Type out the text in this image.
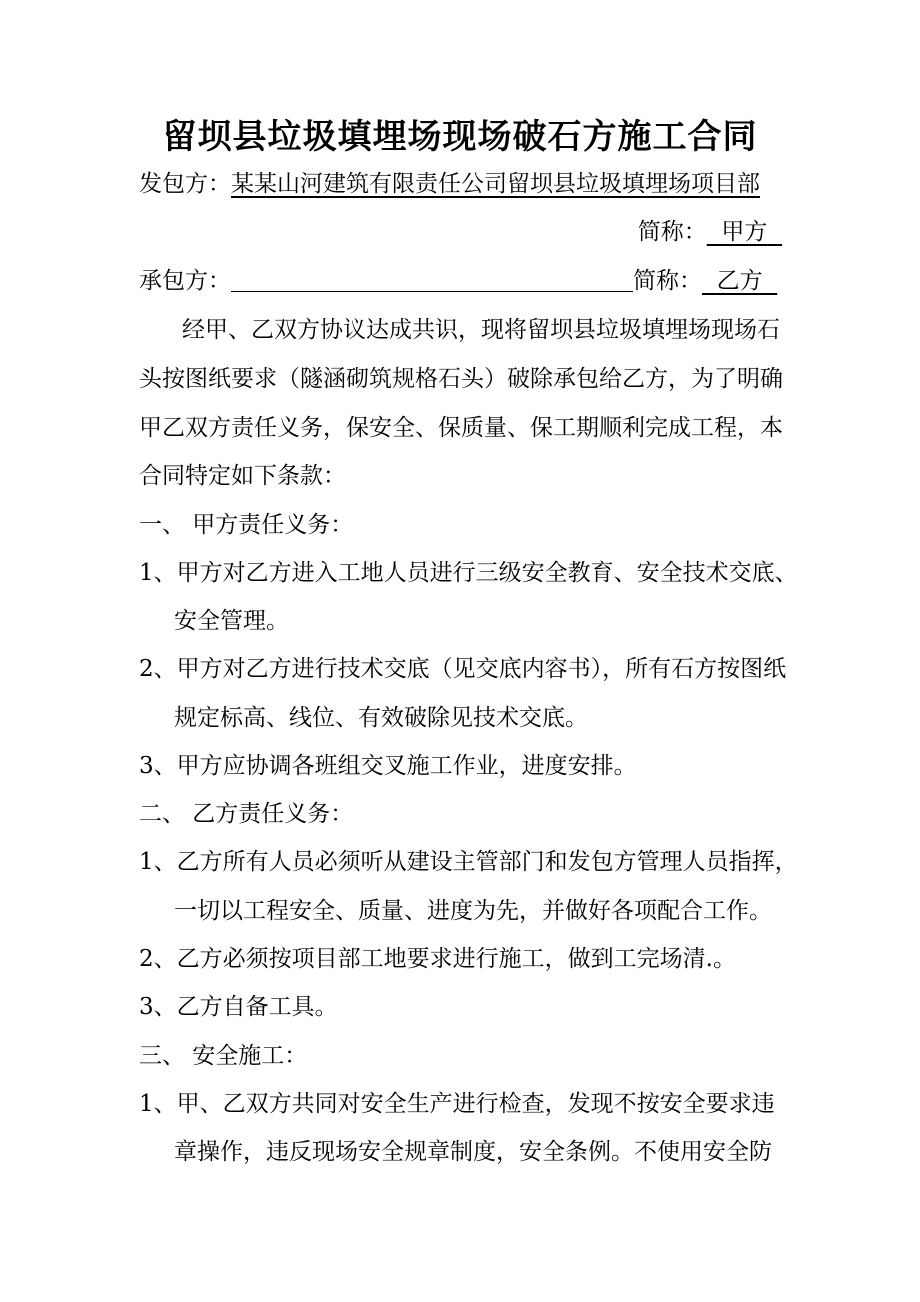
留坝县垃圾填埋场现场破石方施工合同
发包方：某某山河建筑有限责任公司留坝县垃圾填埋场项目部
简称： 甲方
承包方：	简称： 乙方
经甲、乙双方协议达成共识，现将留坝县垃圾填埋场现场石
头按图纸要求（隧涵砌筑规格石头）破除承包给乙方，为了明确
甲乙双方责任义务，保安全、保质量、保工期顺利完成工程，本
合同特定如下条款：
一、 甲方责任义务：
1、甲方对乙方进入工地人员进行三级安全教育、安全技术交底、
安全管理。
2、甲方对乙方进行技术交底（见交底内容书），所有石方按图纸
规定标高、线位、有效破除见技术交底。
3、甲方应协调各班组交叉施工作业，进度安排。
二、 乙方责任义务：
1、乙方所有人员必须听从建设主管部门和发包方管理人员指挥，
一切以工程安全、质量、进度为先，并做好各项配合工作。
2、乙方必须按项目部工地要求进行施工，做到工完场清.。
3、乙方自备工具。
三、 安全施工：
1、甲、乙双方共同对安全生产进行检查，发现不按安全要求违
章操作，违反现场安全规章制度，安全条例。不使用安全防
